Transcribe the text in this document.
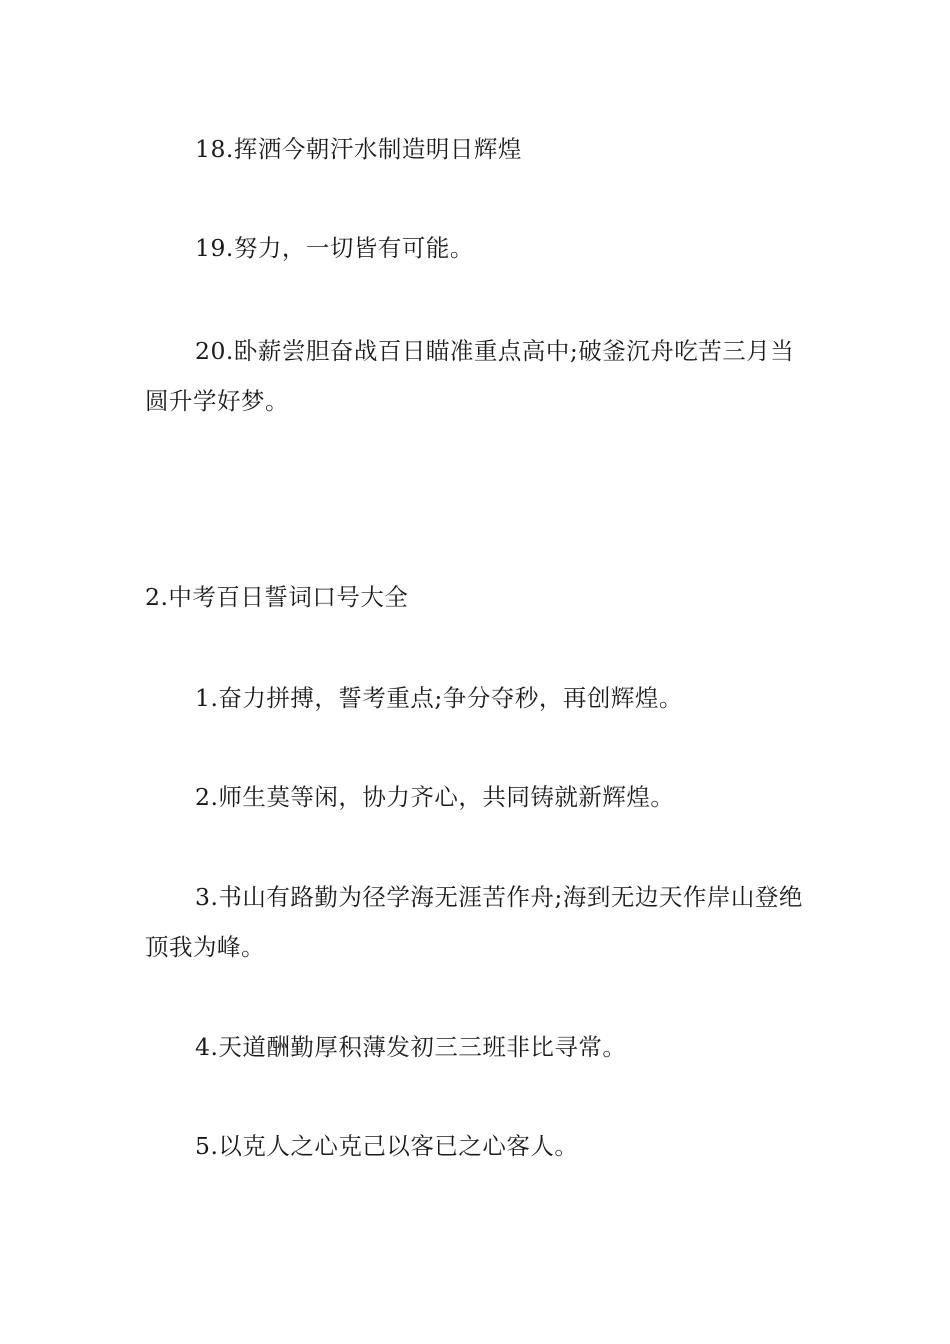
18.挥洒今朝汗水制造明日辉煌

19.努力，一切皆有可能。

20.卧薪尝胆奋战百日瞄准重点高中;破釜沉舟吃苦三月当圆升学好梦。

2.中考百日誓词口号大全

1.奋力拼搏，誓考重点;争分夺秒，再创辉煌。

2.师生莫等闲，协力齐心，共同铸就新辉煌。

3.书山有路勤为径学海无涯苦作舟;海到无边天作岸山登绝顶我为峰。

4.天道酬勤厚积薄发初三三班非比寻常。

5.以克人之心克己以客已之心客人。
